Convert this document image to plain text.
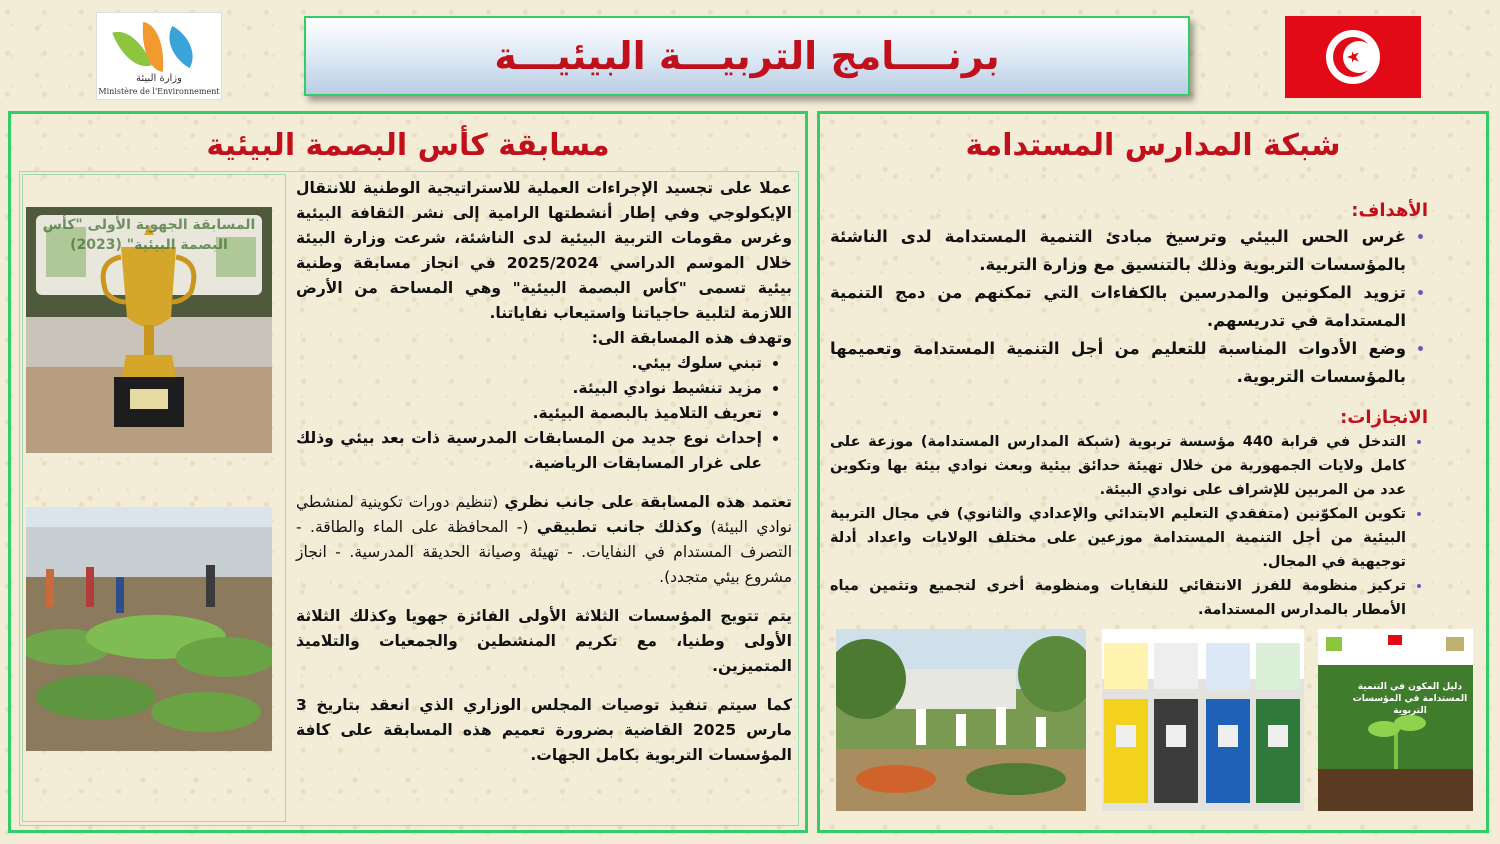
وزارة البيئة
Ministère de l'Environnement
برنــــامج التربيـــة البيئيـــة
مسابقة كأس البصمة البيئية
المسابقة الجهوية الأولى "كأس البصمة البيئية" (2023)

عملا على تجسيد الإجراءات العملية للاستراتيجية الوطنية للانتقال الإيكولوجي وفي إطار أنشطتها الرامية إلى نشر الثقافة البيئية وغرس مقومات التربية البيئية لدى الناشئة، شرعت وزارة البيئة خلال الموسم الدراسي 2025/2024 في انجاز مسابقة وطنية بيئية تسمى "كأس البصمة البيئية" وهي المساحة من الأرض اللازمة لتلبية حاجياتنا واستيعاب نفاياتنا.

وتهدف هذه المسابقة الى:

• تبني سلوك بيئي.
• مزيد تنشيط نوادي البيئة.
• تعريف التلاميذ بالبصمة البيئية.
• إحداث نوع جديد من المسابقات المدرسية ذات بعد بيئي وذلك على غرار المسابقات الرياضية.

تعتمد هذه المسابقة على جانب نظري (تنظيم دورات تكوينية لمنشطي نوادي البيئة) وكذلك جانب تطبيقي (- المحافظة على الماء والطاقة. - التصرف المستدام في النفايات. - تهيئة وصيانة الحديقة المدرسية. - انجاز مشروع بيئي متجدد).

يتم تتويج المؤسسات الثلاثة الأولى الفائزة جهويا وكذلك الثلاثة الأولى وطنيا، مع تكريم المنشطين والجمعيات والتلاميذ المتميزين.

كما سيتم تنفيذ توصيات المجلس الوزاري الذي انعقد بتاريخ 3 مارس 2025 القاضية بضرورة تعميم هذه المسابقة على كافة المؤسسات التربوية بكامل الجهات.

شبكة المدارس المستدامة
الأهداف:
• غرس الحس البيئي وترسيخ مبادئ التنمية المستدامة لدى الناشئة بالمؤسسات التربوية وذلك بالتنسيق مع وزارة التربية.
• تزويد المكونين والمدرسين بالكفاءات التي تمكنهم من دمج التنمية المستدامة في تدريسهم.
• وضع الأدوات المناسبة للتعليم من أجل التنمية المستدامة وتعميمها بالمؤسسات التربوية.
الانجازات:
• التدخل في قرابة 440 مؤسسة تربوية (شبكة المدارس المستدامة) موزعة على كامل ولايات الجمهورية من خلال تهيئة حدائق بيئية وبعث نوادي بيئة بها وتكوين عدد من المربين للإشراف على نوادي البيئة.
• تكوين المكوّنين (متفقدي التعليم الابتدائي والإعدادي والثانوي) في مجال التربية البيئية من أجل التنمية المستدامة موزعين على مختلف الولايات واعداد أدلة توجيهية في المجال.
• تركيز منظومة للفرز الانتقائي للنفايات ومنظومة أخرى لتجميع وتثمين مياه الأمطار بالمدارس المستدامة.
دليل المكون في التنمية المستدامة في المؤسسات التربوية
